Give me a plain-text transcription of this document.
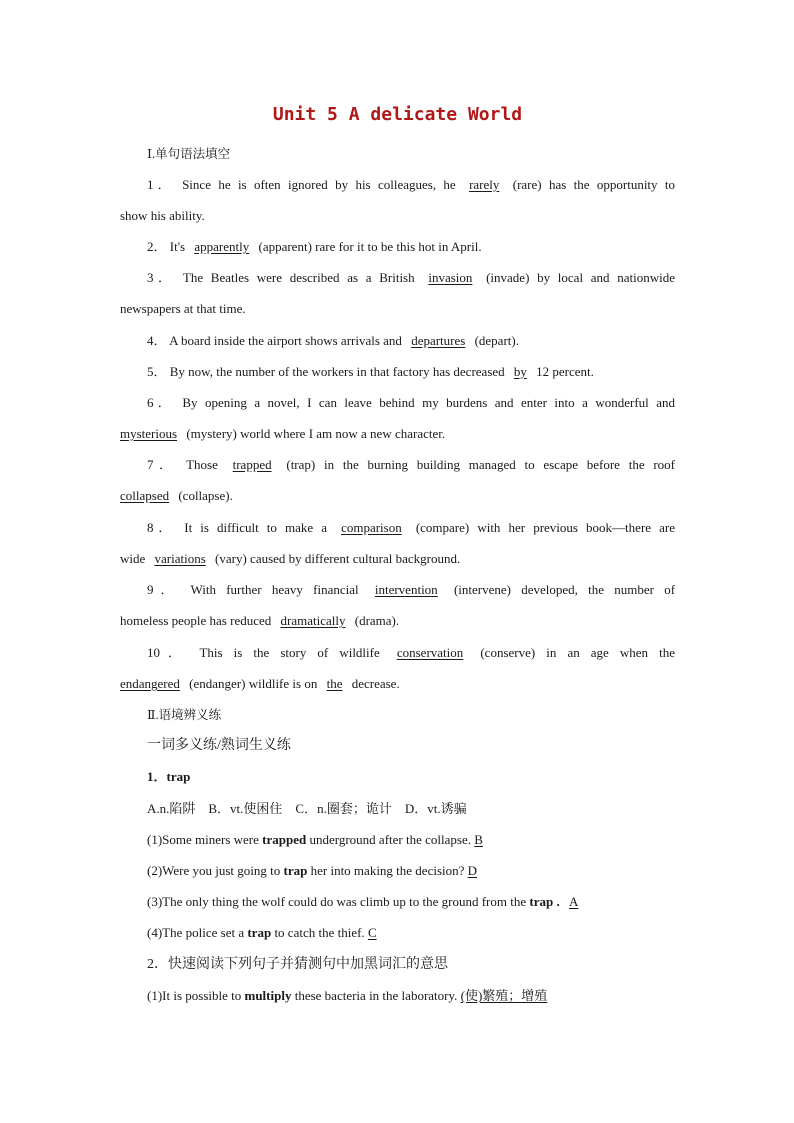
Unit 5 A delicate World
Ⅰ.单句语法填空
1． Since he is often ignored by his colleagues, he rarely (rare) has the opportunity to
show his ability.
2． It's apparently (apparent) rare for it to be this hot in April.
3． The Beatles were described as a British invasion (invade) by local and nationwide
newspapers at that time.
4． A board inside the airport shows arrivals and departures (depart).
5． By now, the number of the workers in that factory has decreased by 12 percent.
6． By opening a novel, I can leave behind my burdens and enter into a wonderful and
mysterious (mystery) world where I am now a new character.
7． Those trapped (trap) in the burning building managed to escape before the roof
collapsed (collapse).
8． It is difficult to make a comparison (compare) with her previous book—there are
wide variations (vary) caused by different cultural background.
9． With further heavy financial intervention (intervene) developed, the number of
homeless people has reduced dramatically (drama).
10． This is the story of wildlife conservation (conserve) in an age when the
endangered (endanger) wildlife is on the decrease.
Ⅱ.语境辨义练
一词多义练/熟词生义练
1．trap
A.n.陷阱　B．vt.使困住　C．n.圈套；诡计　D．vt.诱骗
(1)Some miners were trapped underground after the collapse. B
(2)Were you just going to trap her into making the decision? D
(3)The only thing the wolf could do was climb up to the ground from the trap . A
(4)The police set a trap to catch the thief. C
2．快速阅读下列句子并猜测句中加黑词汇的意思
(1)It is possible to multiply these bacteria in the laboratory. (使)繁殖；增殖
